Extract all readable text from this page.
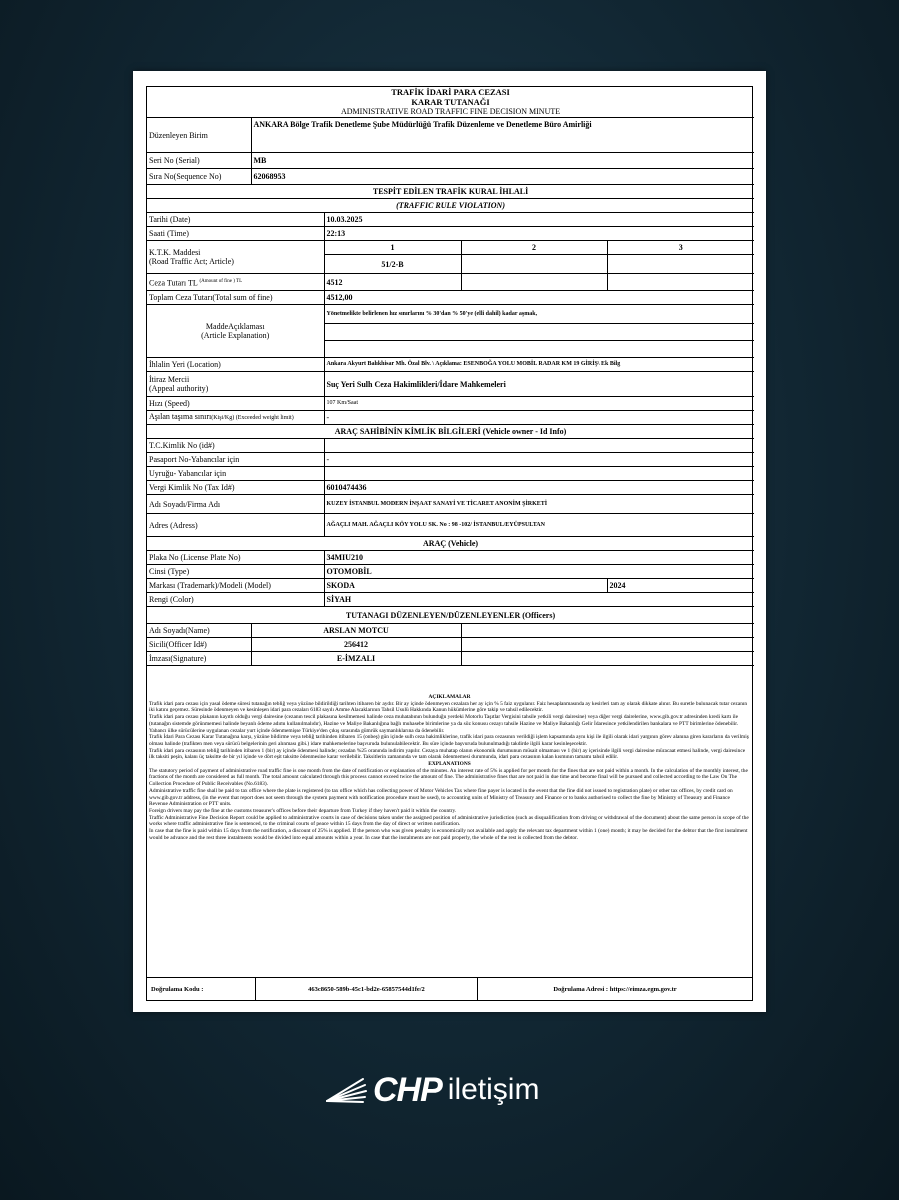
TRAFİK İDARİ PARA CEZASI
KARAR TUTANAĞI
ADMINISTRATIVE ROAD TRAFFIC FINE DECISION MINUTE				

Düzenleyen Birim	ANKARA Bölge Trafik Denetleme Şube Müdürlüğü Trafik Düzenleme ve Denetleme Büro Amirliği			
Seri No (Serial)	MB			
Sıra No(Sequence No)	62068953			
TESPİT EDİLEN TRAFİK KURAL İHLALİ				
(TRAFFIC RULE VIOLATION)				
Tarihi (Date)		10.03.2025		
Saati (Time)		22:13		

K.T.K. Maddesi
(Road Traffic Act; Article)		1	2	3
		51/2-B		
Ceza Tutarı TL $^{(Amount of fine ) TL}$		4512		
Toplam Ceza Tutarı(Total sum of fine)		4512,00		

MaddeAçıklaması
(Article Explanation)		Yönetmelikte belirlenen hız sınırlarını % 30'dan % 50'ye (elli dahil) kadar aşmak,		

İhlalin Yeri (Location)		Ankara Akyurt Balıkhisar Mh. Özal Blv. \ Açıklama: ESENBOĞA YOLU MOBİL RADAR KM 19 GİRİŞ\ Ek Bilg		

İtiraz Mercii
(Appeal authority)		Suç Yeri Sulh Ceza Hakimlikleri/İdare Mahkemeleri		
Hızı (Speed)		107 Km/Saat		
Aşılan taşıma sınırı(Kişi/Kg) (Exceeded weight limit)		-		
ARAÇ SAHİBİNİN KİMLİK BİLGİLERİ (Vehicle owner - Id Info)				
T.C.Kimlik No (id#)				
Pasaport No-Yabancılar için		-		
Uyruğu- Yabancılar için				
Vergi Kimlik No (Tax Id#)		6010474436		
Adı Soyadı/Firma Adı		KUZEY İSTANBUL MODERN İNŞAAT SANAYİ VE TİCARET ANONİM ŞİRKETİ		
Adres (Adress)		AĞAÇLI MAH. AĞAÇLI KÖY YOLU SK. No : 98 -102/ İSTANBUL/EYÜPSULTAN		
ARAÇ (Vehicle)				
Plaka No (License Plate No)		34MIU210		
Cinsi (Type)		OTOMOBİL		
Markası (Trademark)/Modeli (Model)		SKODA		2024
Rengi (Color)		SİYAH		
TUTANAGI DÜZENLEYEN/DÜZENLEYENLER (Officers)				
Adı Soyadı(Name)	ARSLAN MOTCU			
Sicili(Officer Id#)	256412			
İmzası(Signature)	E-İMZALI			
AÇIKLAMALAR

Trafik idari para cezası için yasal ödeme süresi tutanağın tebliğ veya yüzüne bildirildiği tarihten itibaren bir aydır. Bir ay içinde ödenmeyen cezalara her ay için % 5 faiz uygulanır. Faiz hesaplanmasında ay kesirleri tam ay olarak dikkate alınır. Bu suretle bulunacak tutar cezanın iki katını geçemez. Süresinde ödenmeyen ve kesinleşen idari para cezaları 6183 sayılı Amme Alacaklarının Tahsil Usulü Hakkında Kanun hükümlerine göre takip ve tahsil edilecektir.

Trafik idari para cezası plakanın kayıtlı olduğu vergi dairesine (cezanın tescil plakasına kesilmemesi halinde ceza muhatabının bulunduğu yerdeki Motorlu Taşıtlar Vergisini tahsile yetkili vergi dairesine) veya diğer vergi dairelerine, www.gib.gov.tr adresinden kredi kartı ile (tutanağın sistemde görünmemesi halinde beyanlı ödeme adımı kullanılmalıdır), Hazine ve Maliye Bakanlığına bağlı muhasebe birimlerine ya da söz konusu cezayı tahsile Hazine ve Maliye Bakanlığı Gelir İdaresince yetkilendirilen bankalara ve PTT birimlerine ödenebilir.

Yabancı ülke sürücülerine uygulanan cezalar yurt içinde ödenmemişse Türkiye'den çıkış sırasında gümrük saymanlıklarına da ödenebilir.

Trafik İdari Para Cezası Karar Tutanağına karşı, yüzüne bildirme veya tebliğ tarihinden itibaren 15 (onbeş) gün içinde sulh ceza hakimliklerine, trafik idari para cezasının verildiği işlem kapsamında aynı kişi ile ilgili olarak idari yargının görev alanına giren kararların da verilmiş olması halinde (trafikten men veya sürücü belgelerinin geri alınması gibi.) idare mahkemelerine başvuruda bulunulabilecektir. Bu süre içinde başvuruda bulunulmadığı takdirde ilgili karar kesinleşecektir.

Trafik idari para cezasının tebliğ tarihinden itibaren 1 (bir) ay içinde ödenmesi halinde; cezadan %25 oranında indirim yapılır. Cezaya muhatap olanın ekonomik durumunun müsait olmaması ve 1 (bir) ay içerisinde ilgili vergi dairesine müracaat etmesi halinde, vergi dairesince ilk taksiti peşin, kalanı üç taksitte de bir yıl içinde ve dört eşit taksitte ödenmesine karar verilebilir. Taksitlerin zamanında ve tam olarak ödenmemesi durumunda, idari para cezasının kalan kısmının tamamı tahsil edilir.

EXPLANATIONS

The statutory period of payment of administrative road traffic fine is one month from the date of notification or explanation of the minutes. An interest rate of 5% is applied for per month for the fines that are not paid within a month. In the calculation of the monthly interest, the fractions of the month are considered as full month. The total amount calculated through this process cannot exceed twice the amount of fine. The administrative fines that are not paid in due time and become final will be pursued and collected according to the Law On The Collection Procedure of Public Receivables (No.6183).

Administrative traffic fine shall be paid to tax office where the plate is registered (to tax office which has collecting power of Motor Vehicles Tax where fine payer is located in the event that the fine did not issued to registration plate) or other tax offices, by credit card on www.gib.gov.tr address, (in the event that report does not seem through the system payment with notification procedure must be used), to accounting units of Ministry of Treasury and Finance or to banks authorised to collect the fine by Ministry of Treasury and Finance Revenue Administration or PTT units.

Foreign drivers may pay the fine at the customs treasurer's offices before their departure from Turkey if they haven't paid it within the country.

Traffic Administrative Fine Decision Report could be applied to administrative courts in case of decisions taken under the assigned position of administrative jurisdiction (such as disqualification from driving or withdrawal of the document) about the same person in scope of the works where traffic administrative fine is sentenced, to the criminal courts of peace within 15 days from the day of direct or written notification.

In case that the fine is paid within 15 days from the notification, a discount of 25% is applied. If the person who was given penalty is economically not available and apply the relevant tax department within 1 (one) month; it may be decided for the debtor that the first instalment would be advance and the rest three instalments would be divided into equal amounts within a year. In case that the instalments are not paid properly, the whole of the rest is collected from the debtor.

Doğrulama Kodu :	463c8650-589b-45c1-bd2e-65857544d1fe/2	Doğrulama Adresi : https://eimza.egm.gov.tr
CHP iletişim
